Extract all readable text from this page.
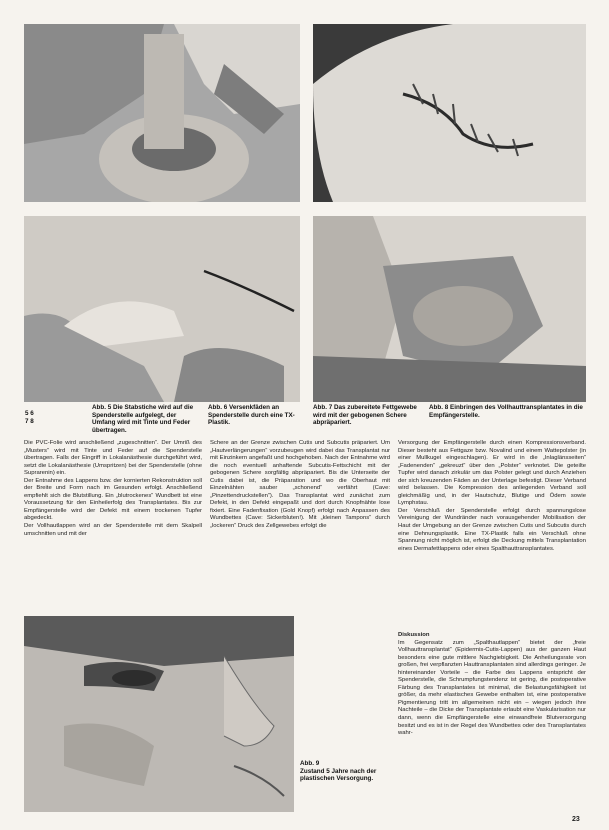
5 6
7 8
Abb. 5 Die Stabstiche wird auf die Spenderstelle aufgelegt, der Umfang wird mit Tinte und Feder übertragen.
Abb. 6 Versenkfäden an Spenderstelle durch eine TX-Plastik.
Abb. 7 Das zubereitete Fettgewebe wird mit der gebogenen Schere abpräpariert.
Abb. 8 Einbringen des Vollhauttransplantates in die Empfängerstelle.

Die PVC-Folie wird anschließend „zugeschnitten“. Der Umriß des „Musters“ wird mit Tinte und Feder auf die Spenderstelle übertragen. Falls der Eingriff in Lokalanästhesie durchgeführt wird, setzt die Lokalanästhesie (Umspritzen) bei der Spenderstelle (ohne Suprarenin) ein.

Der Entnahme des Lappens bzw. der kornierten Rekonstruktion soll der Breite und Form nach im Gesunden erfolgt. Anschließend empfiehlt sich die Blutstillung. Ein „blutrockenes“ Wundbett ist eine Voraussetzung für den Einheilerfolg des Transplantates. Bis zur Empfängerstelle wird der Defekt mit einem trockenen Tupfer abgedeckt.

Der Vollhautlappen wird an der Spenderstelle mit dem Skalpell umschnitten und mit der

Schere an der Grenze zwischen Cutis und Subcutis präpariert. Um „Hautverlängerungen“ vorzubeugen wird dabei das Transplantat nur mit Einzinkern angefaßt und hochgehoben. Nach der Entnahme wird die noch eventuell anhaftende Subcutis-Fettschicht mit der gebogenen Schere sorgfältig abpräpariert. Bis die Unterseite der Cutis dabei ist, die Präparation und wo die Oberhaut mit Einzelnähten sauber „schonend“ verfährt (Cave: „Pinzettendruckstellen“). Das Transplantat wird zunächst zum Defekt, in den Defekt eingepaßt und dort durch Knopfnähte lose fixiert. Eine Fadenfixation (Gold Knopf) erfolgt nach Anpassen des Wundbettes (Cave: Sickerbluten!). Mit „kleinen Tampons“ durch „lockeren“ Druck des Zellgewebes erfolgt die

Versorgung der Empfängerstelle durch einen Kompressionsverband. Dieser besteht aus Fettgaze bzw. Novalind und einem Wattepolster (in einer Mullkugel eingeschlagen). Er wird in die „Inlaglänsseiten“ „Fadenenden“ „gekreuzt“ über den „Polster“ verknotet. Die geteilte Tupfer wird danach zirkulär um das Polster gelegt und durch Anziehen der sich kreuzenden Fäden an der Unterlage befestigt. Dieser Verband wird belassen. Die Kompression des anliegenden Verband soll gleichmäßig und, in der Hautschutz, Blutige und Ödem sowie Lymphstau.

Der Verschluß der Spenderstelle erfolgt durch spannungslose Vereinigung der Wundränder nach vorausgehender Mobilisation der Haut der Umgebung an der Grenze zwischen Cutis und Subcutis durch eine Dehnungsplastik. Eine TX-Plastik falls ein Verschluß ohne Spannung nicht möglich ist, erfolgt die Deckung mittels Transplantation eines Dermafettlappens oder eines Spalthauttransplantates.

Abb. 9
Zustand 5 Jahre nach der plastischen Versorgung.

Diskussion

Im Gegensatz zum „Spalthautlappen“ bietet der „freie Vollhauttransplantat“ (Epidermis-Cutis-Lappen) aus der ganzen Haut besonders eine gute mittlere Nachgiebigkeit. Die Anheilungsrate von großen, frei verpflanzten Hauttransplantaten sind allerdings geringer. Je hintereinander Vorteile – die Farbe des Lappens entspricht der Spenderstelle, die Schrumpfungstendenz ist gering, die postoperative Färbung des Transplantates ist minimal, die Belastungsfähigkeit ist größer, da mehr elastisches Gewebe enthalten ist, eine postoperative Pigmentierung tritt im allgemeinen nicht ein – wiegen jedoch ihre Nachteile – die Dicke der Transplantate erlaubt eine Vaskularisation nur dann, wenn die Empfängerstelle eine einwandfreie Blutversorgung besitzt und es ist in der Regel des Wundbettes oder des Transplantates wahr-

23
